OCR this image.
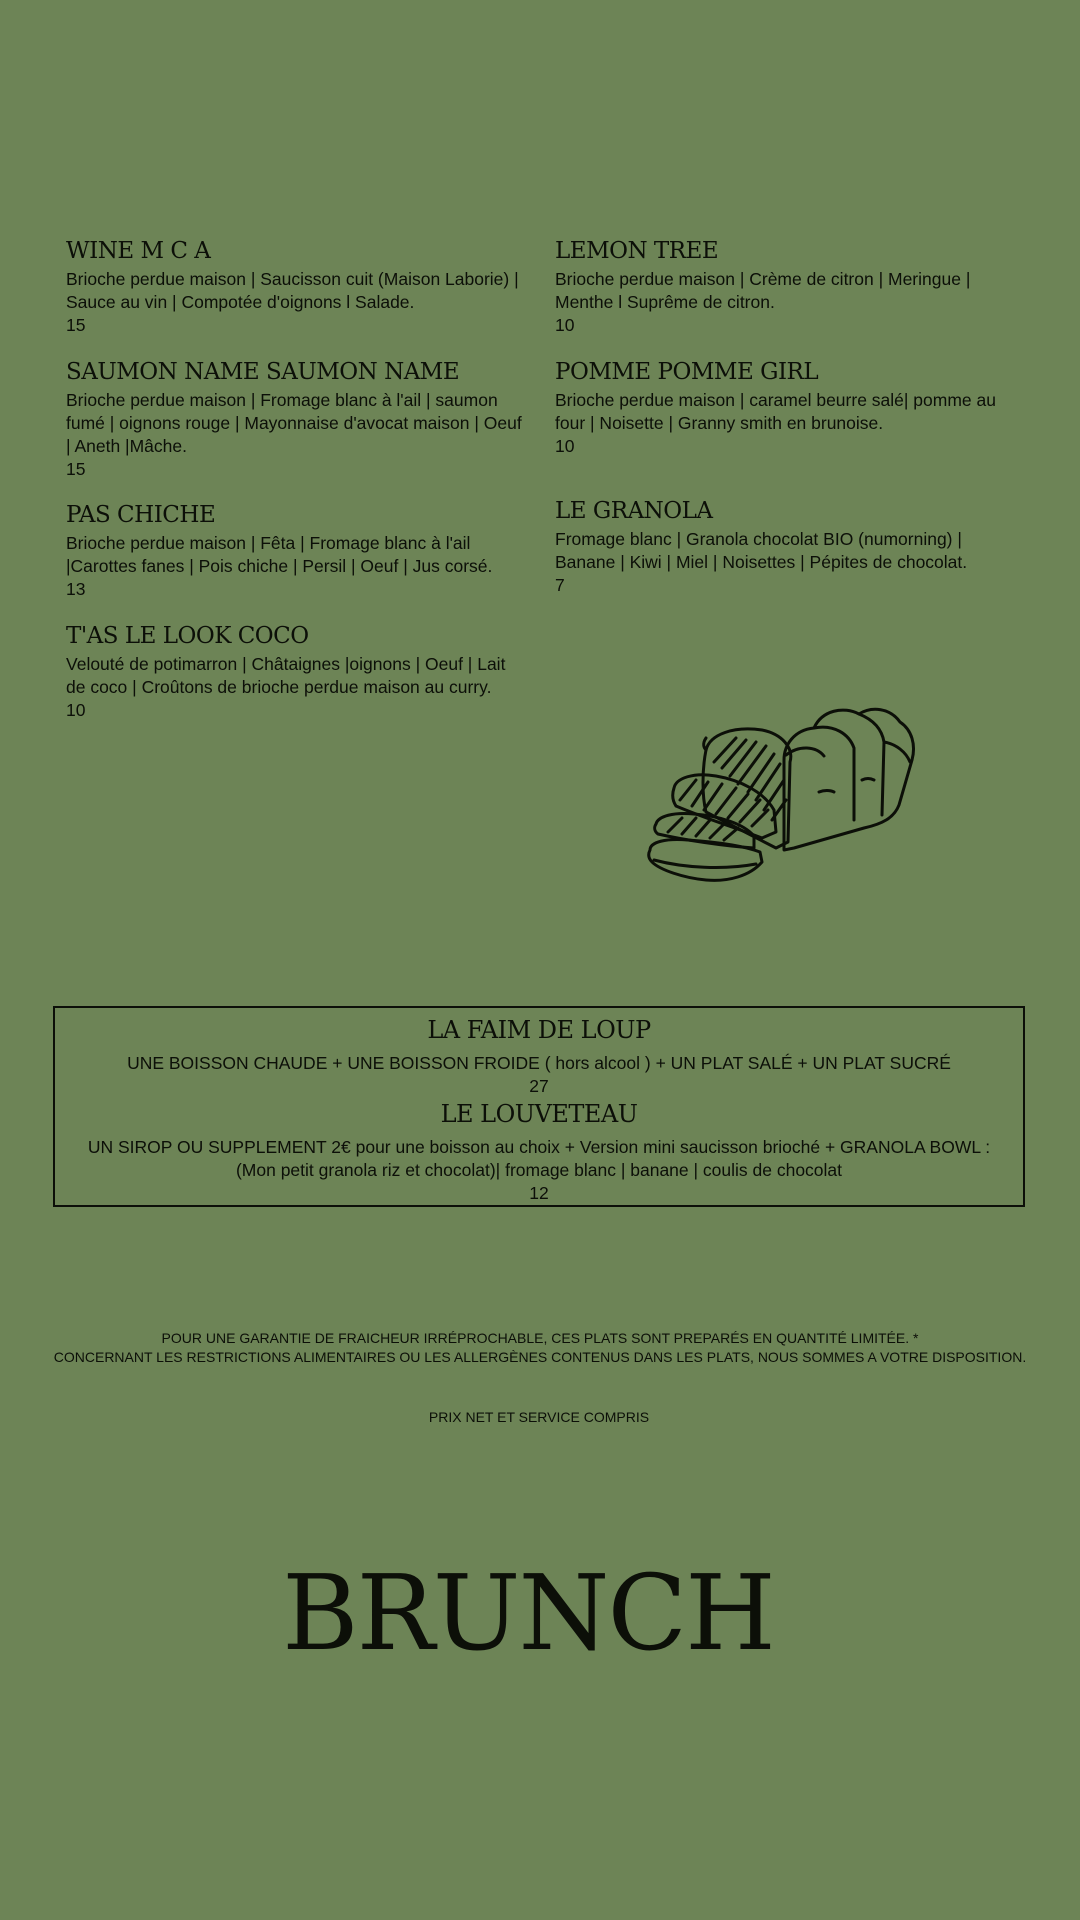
WINE M C A
Brioche perdue maison | Saucisson cuit (Maison Laborie) | Sauce au vin | Compotée d'oignons l Salade.
15
SAUMON NAME SAUMON NAME
Brioche perdue maison | Fromage blanc à l'ail | saumon fumé | oignons rouge | Mayonnaise d'avocat maison | Oeuf | Aneth |Mâche.
15
PAS CHICHE
Brioche perdue maison | Fêta | Fromage blanc à l'ail |Carottes fanes | Pois chiche | Persil | Oeuf | Jus corsé.
13
T'AS LE LOOK COCO
Velouté de potimarron | Châtaignes |oignons | Oeuf | Lait de coco | Croûtons de brioche perdue maison au curry.
10
LEMON TREE
Brioche perdue maison | Crème de citron | Meringue | Menthe l Suprême de citron.
10
POMME POMME GIRL
Brioche perdue maison | caramel beurre salé| pomme au four | Noisette | Granny smith en brunoise.
10
LE GRANOLA
Fromage blanc | Granola chocolat BIO (numorning) | Banane | Kiwi | Miel | Noisettes | Pépites de chocolat.
7
LA FAIM DE LOUP
UNE BOISSON CHAUDE + UNE BOISSON FROIDE ( hors alcool ) + UN PLAT SALÉ + UN PLAT SUCRÉ
27
LE LOUVETEAU
UN SIROP OU SUPPLEMENT 2€ pour une boisson au choix + Version mini saucisson brioché + GRANOLA BOWL :
(Mon petit granola riz et chocolat)| fromage blanc | banane | coulis de chocolat
12
POUR UNE GARANTIE DE FRAICHEUR IRRÉPROCHABLE, CES PLATS SONT PREPARÉS EN QUANTITÉ LIMITÉE. *
CONCERNANT LES RESTRICTIONS ALIMENTAIRES OU LES ALLERGÈNES CONTENUS DANS LES PLATS, NOUS SOMMES A VOTRE DISPOSITION.
PRIX NET ET SERVICE COMPRIS
BRUNCH
